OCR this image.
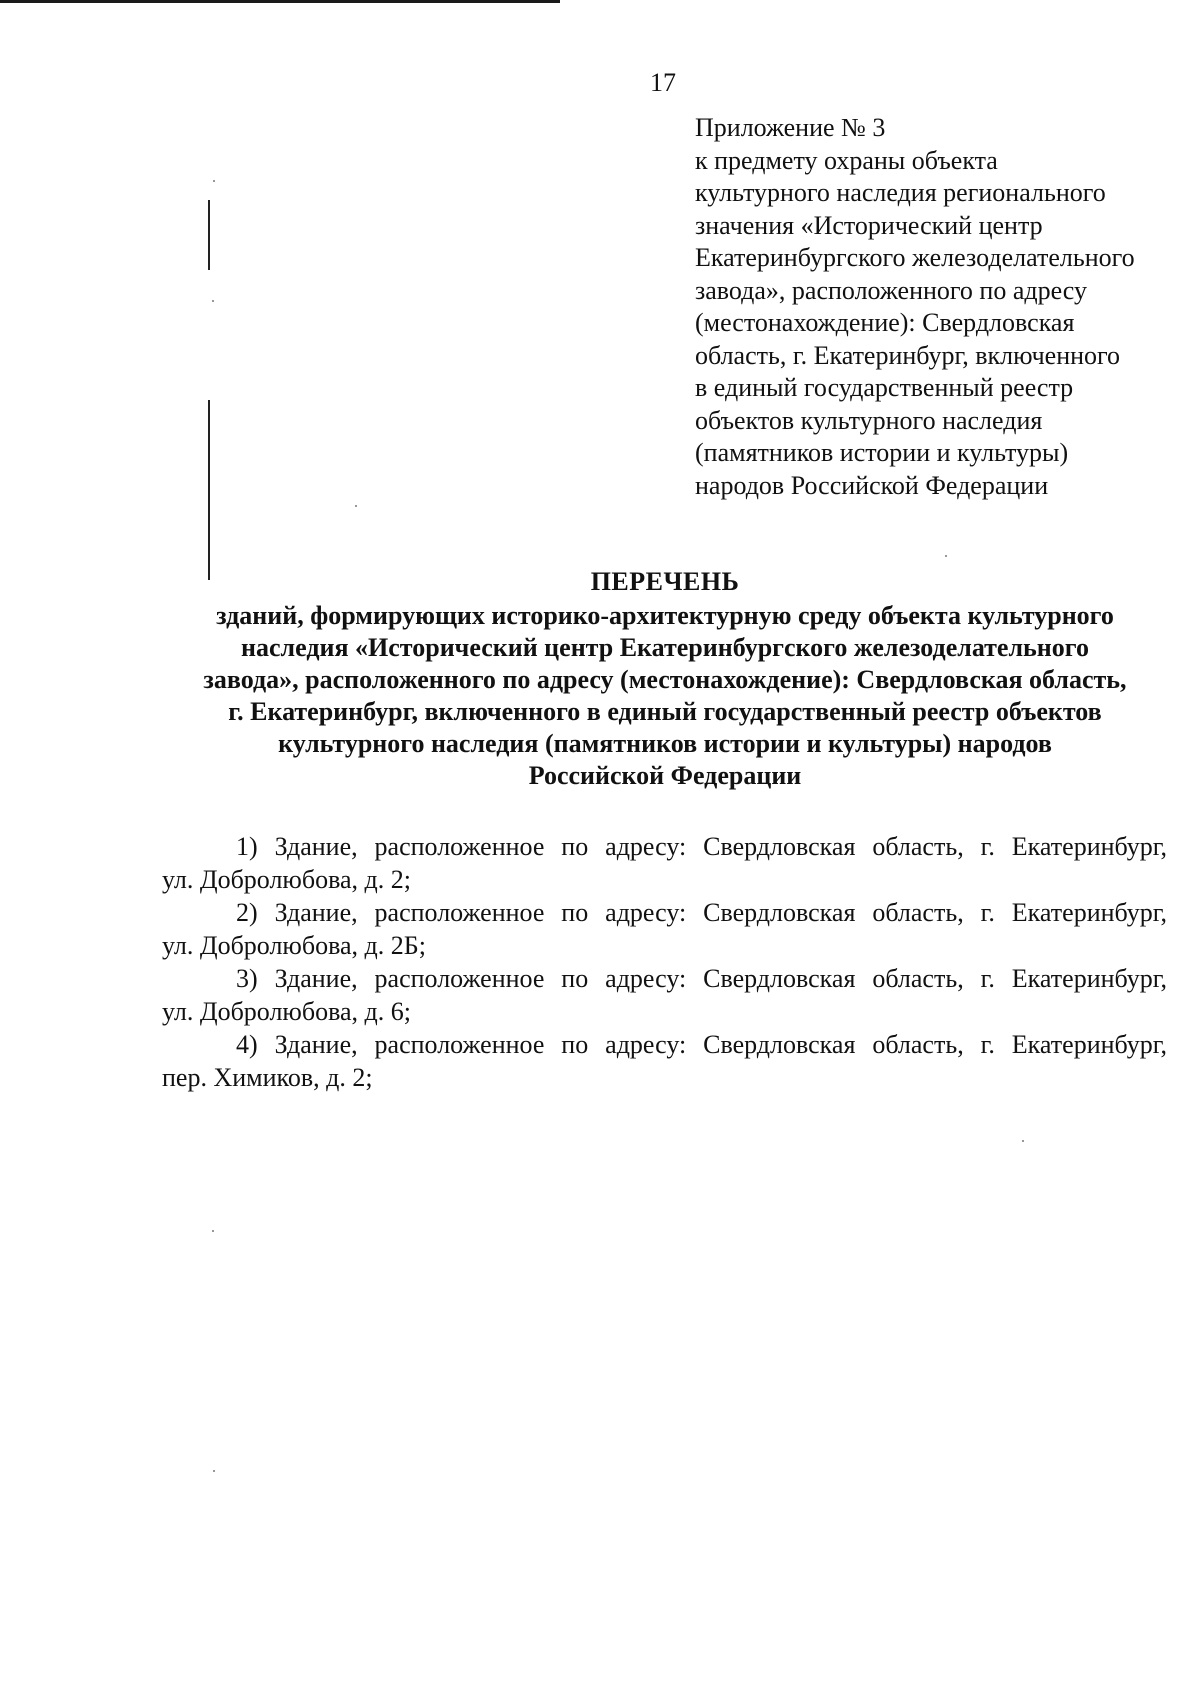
17
Приложение № 3
к предмету охраны объекта
культурного наследия регионального
значения «Исторический центр
Екатеринбургского железоделательного
завода», расположенного по адресу
(местонахождение): Свердловская
область, г. Екатеринбург, включенного
в единый государственный реестр
объектов культурного наследия
(памятников истории и культуры)
народов Российской Федерации
ПЕРЕЧЕНЬ
зданий, формирующих историко-архитектурную среду объекта культурного
наследия «Исторический центр Екатеринбургского железоделательного
завода», расположенного по адресу (местонахождение): Свердловская область,
г. Екатеринбург, включенного в единый государственный реестр объектов
культурного наследия (памятников истории и культуры) народов
Российской Федерации
1) Здание, расположенное по адресу: Свердловская область, г. Екатеринбург,
ул. Добролюбова, д. 2;
2) Здание, расположенное по адресу: Свердловская область, г. Екатеринбург,
ул. Добролюбова, д. 2Б;
3) Здание, расположенное по адресу: Свердловская область, г. Екатеринбург,
ул. Добролюбова, д. 6;
4) Здание, расположенное по адресу: Свердловская область, г. Екатеринбург,
пер. Химиков, д. 2;
